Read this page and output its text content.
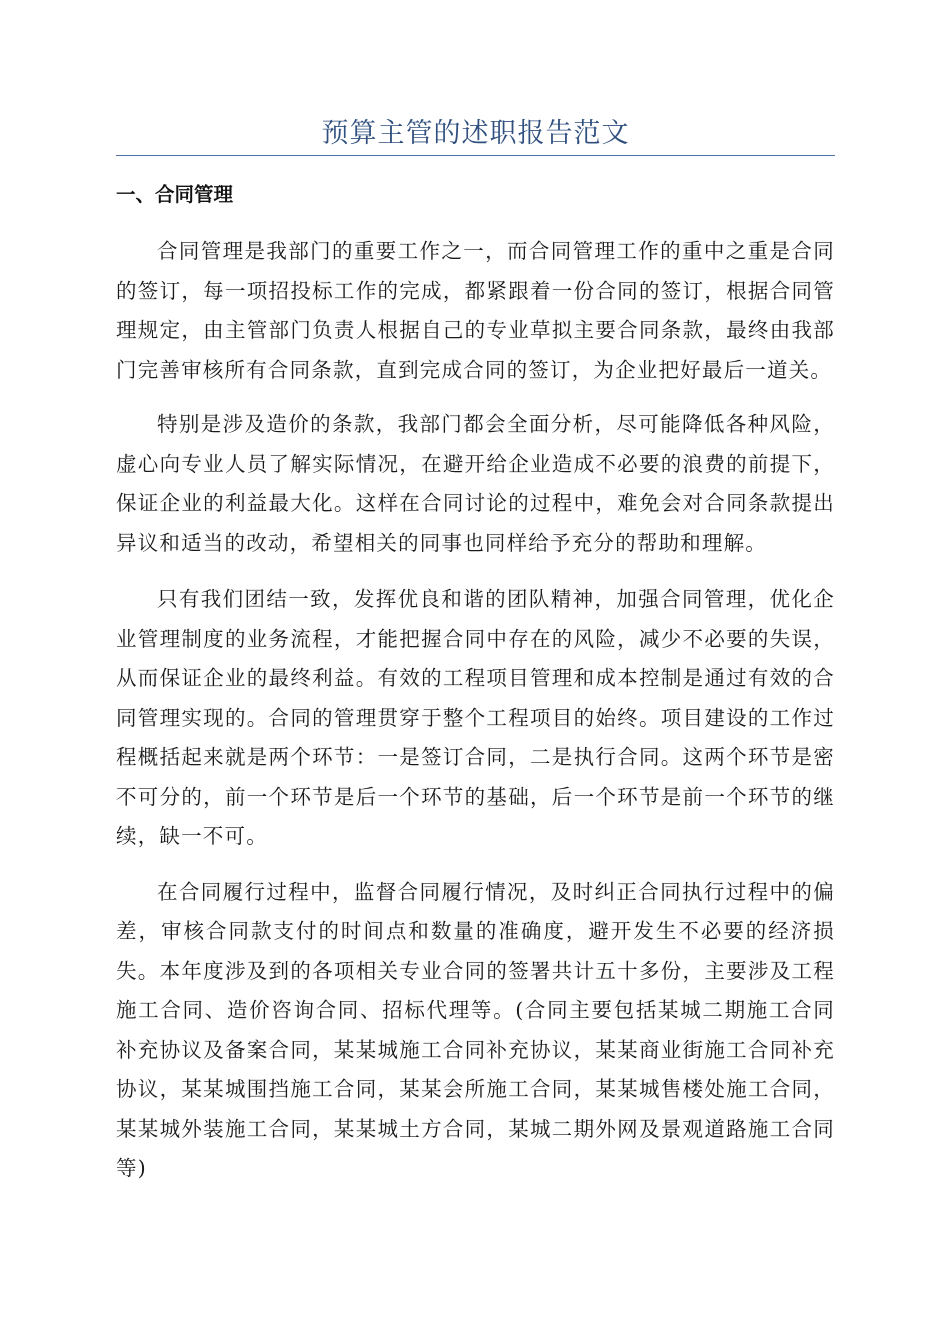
预算主管的述职报告范文
一、合同管理

合同管理是我部门的重要工作之一，而合同管理工作的重中之重是合同的签订，每一项招投标工作的完成，都紧跟着一份合同的签订，根据合同管理规定，由主管部门负责人根据自己的专业草拟主要合同条款，最终由我部门完善审核所有合同条款，直到完成合同的签订，为企业把好最后一道关。

特别是涉及造价的条款，我部门都会全面分析，尽可能降低各种风险，虚心向专业人员了解实际情况，在避开给企业造成不必要的浪费的前提下，保证企业的利益最大化。这样在合同讨论的过程中，难免会对合同条款提出异议和适当的改动，希望相关的同事也同样给予充分的帮助和理解。

只有我们团结一致，发挥优良和谐的团队精神，加强合同管理，优化企业管理制度的业务流程，才能把握合同中存在的风险，减少不必要的失误，从而保证企业的最终利益。有效的工程项目管理和成本控制是通过有效的合同管理实现的。合同的管理贯穿于整个工程项目的始终。项目建设的工作过程概括起来就是两个环节：一是签订合同，二是执行合同。这两个环节是密不可分的，前一个环节是后一个环节的基础，后一个环节是前一个环节的继续，缺一不可。

在合同履行过程中，监督合同履行情况，及时纠正合同执行过程中的偏差，审核合同款支付的时间点和数量的准确度，避开发生不必要的经济损失。本年度涉及到的各项相关专业合同的签署共计五十多份，主要涉及工程施工合同、造价咨询合同、招标代理等。(合同主要包括某城二期施工合同补充协议及备案合同，某某城施工合同补充协议，某某商业街施工合同补充协议，某某城围挡施工合同，某某会所施工合同，某某城售楼处施工合同，某某城外装施工合同，某某城土方合同，某城二期外网及景观道路施工合同等)
